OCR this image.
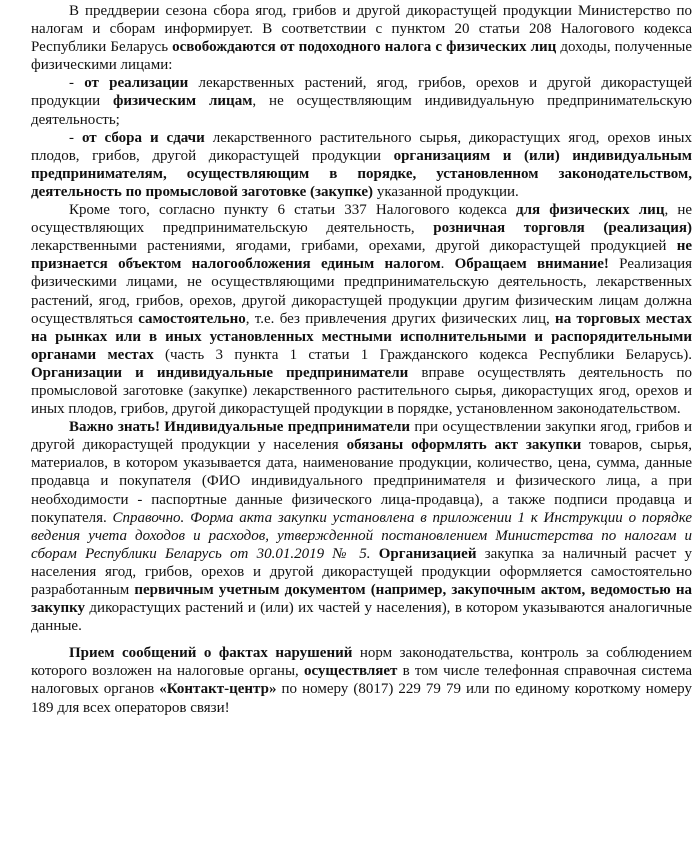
В преддверии сезона сбора ягод, грибов и другой дикорастущей продукции Министерство по налогам и сборам информирует. В соответствии с пунктом 20 статьи 208 Налогового кодекса Республики Беларусь освобождаются от подоходного налога с физических лиц доходы, полученные физическими лицами:

- от реализации лекарственных растений, ягод, грибов, орехов и другой дикорастущей продукции физическим лицам, не осуществляющим индивидуальную предпринимательскую деятельность;

- от сбора и сдачи лекарственного растительного сырья, дикорастущих ягод, орехов иных плодов, грибов, другой дикорастущей продукции организациям и (или) индивидуальным предпринимателям, осуществляющим в порядке, установленном законодательством, деятельность по промысловой заготовке (закупке) указанной продукции.

Кроме того, согласно пункту 6 статьи 337 Налогового кодекса для физических лиц, не осуществляющих предпринимательскую деятельность, розничная торговля (реализация) лекарственными растениями, ягодами, грибами, орехами, другой дикорастущей продукцией не признается объектом налогообложения единым налогом. Обращаем внимание! Реализация физическими лицами, не осуществляющими предпринимательскую деятельность, лекарственных растений, ягод, грибов, орехов, другой дикорастущей продукции другим физическим лицам должна осуществляться самостоятельно, т.е. без привлечения других физических лиц, на торговых местах на рынках или в иных установленных местными исполнительными и распорядительными органами местах (часть 3 пункта 1 статьи 1 Гражданского кодекса Республики Беларусь). Организации и индивидуальные предприниматели вправе осуществлять деятельность по промысловой заготовке (закупке) лекарственного растительного сырья, дикорастущих ягод, орехов и иных плодов, грибов, другой дикорастущей продукции в порядке, установленном законодательством.

Важно знать! Индивидуальные предприниматели при осуществлении закупки ягод, грибов и другой дикорастущей продукции у населения обязаны оформлять акт закупки товаров, сырья, материалов, в котором указывается дата, наименование продукции, количество, цена, сумма, данные продавца и покупателя (ФИО индивидуального предпринимателя и физического лица, а при необходимости - паспортные данные физического лица-продавца), а также подписи продавца и покупателя. Справочно. Форма акта закупки установлена в приложении 1 к Инструкции о порядке ведения учета доходов и расходов, утвержденной постановлением Министерства по налогам и сборам Республики Беларусь от 30.01.2019 № 5. Организацией закупка за наличный расчет у населения ягод, грибов, орехов и другой дикорастущей продукции оформляется самостоятельно разработанным первичным учетным документом (например, закупочным актом, ведомостью на закупку дикорастущих растений и (или) их частей у населения), в котором указываются аналогичные данные.

Прием сообщений о фактах нарушений норм законодательства, контроль за соблюдением которого возложен на налоговые органы, осуществляет в том числе телефонная справочная система налоговых органов «Контакт-центр» по номеру (8017) 229 79 79 или по единому короткому номеру 189 для всех операторов связи!
